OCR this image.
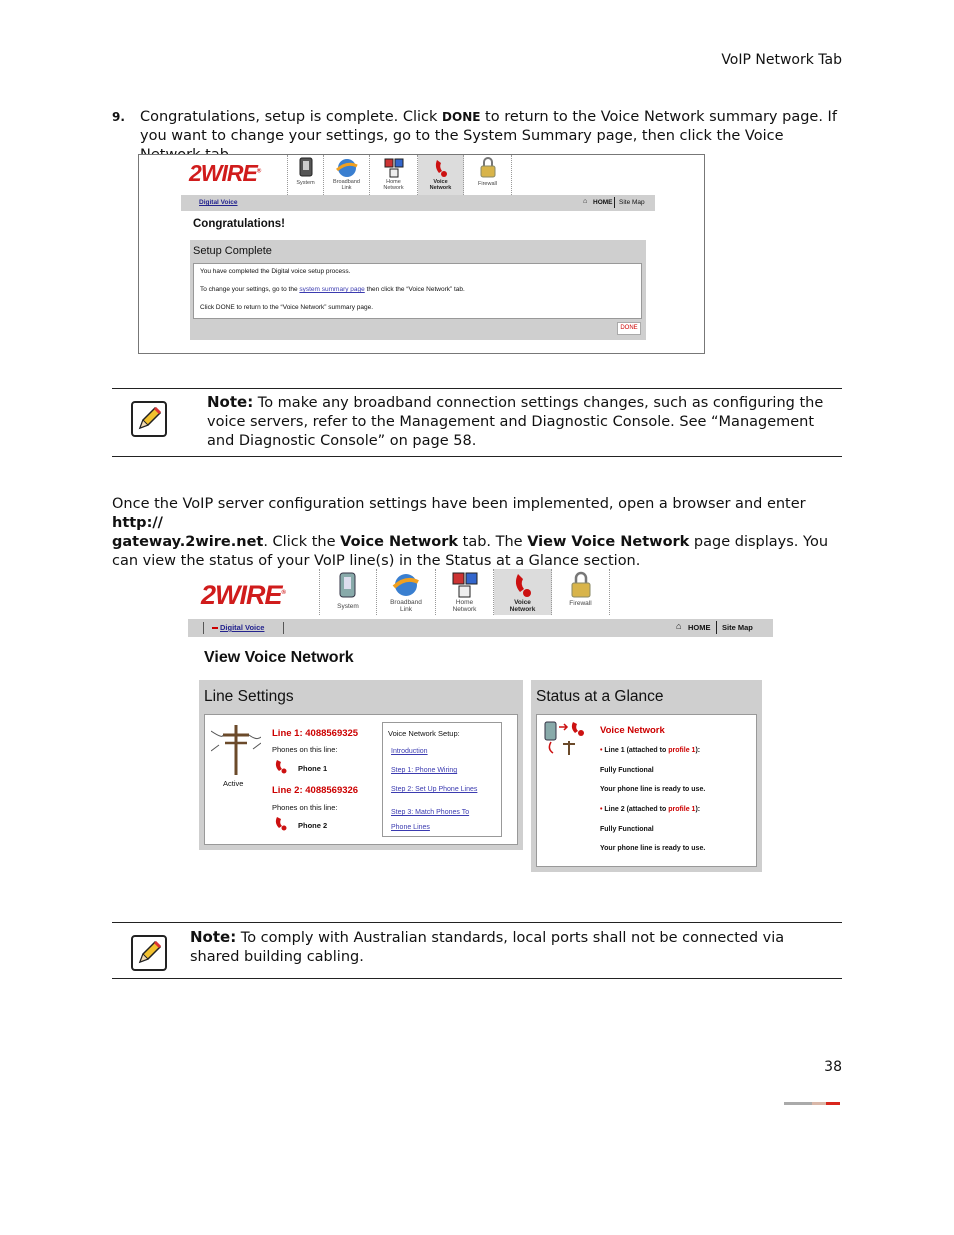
VoIP Network Tab
9. Congratulations, setup is complete. Click DONE to return to the Voice Network summary page. If you want to change your settings, go to the System Summary page, then click the Voice
2WIRE®
System	Broadband
Link
Home
Network
Voice
Network
Firewall
Digital Voice	⌂ HOME Site Map
Congratulations!
Setup Complete
You have completed the Digital voice setup process.
To change your settings, go to the system summary page then click the “Voice Network” tab.
Click DONE to return to the “Voice Network” summary page.
DONE
Note: To make any broadband connection settings changes, such as configuring the voice servers, refer to the Management and Diagnostic Console. See “Management and Diagnostic Console” on page 58.
Once the VoIP server configuration settings have been implemented, open a browser and enter http://
gateway.2wire.net. Click the Voice Network tab. The View Voice Network page displays. You can view the status of your VoIP line(s) in the Status at a Glance section.
2WIRE®
System
Broadband
Link
Home
Network
Voice
Network
Firewall
Digital Voice	⌂ HOME Site Map
View Voice Network
Line Settings
Active
Line 1: 4088569325
Phones on this line:
Phone 1
Line 2: 4088569326
Phones on this line:
Phone 2
Voice Network Setup:
Introduction
Step 1: Phone Wiring
Step 2: Set Up Phone Lines
Step 3: Match Phones To Phone Lines
Status at a Glance
Voice Network
• Line 1 (attached to profile 1):
Fully Functional
Your phone line is ready to use.
• Line 2 (attached to profile 1):
Fully Functional
Your phone line is ready to use.
Note: To comply with Australian standards, local ports shall not be connected via shared building cabling.
38
